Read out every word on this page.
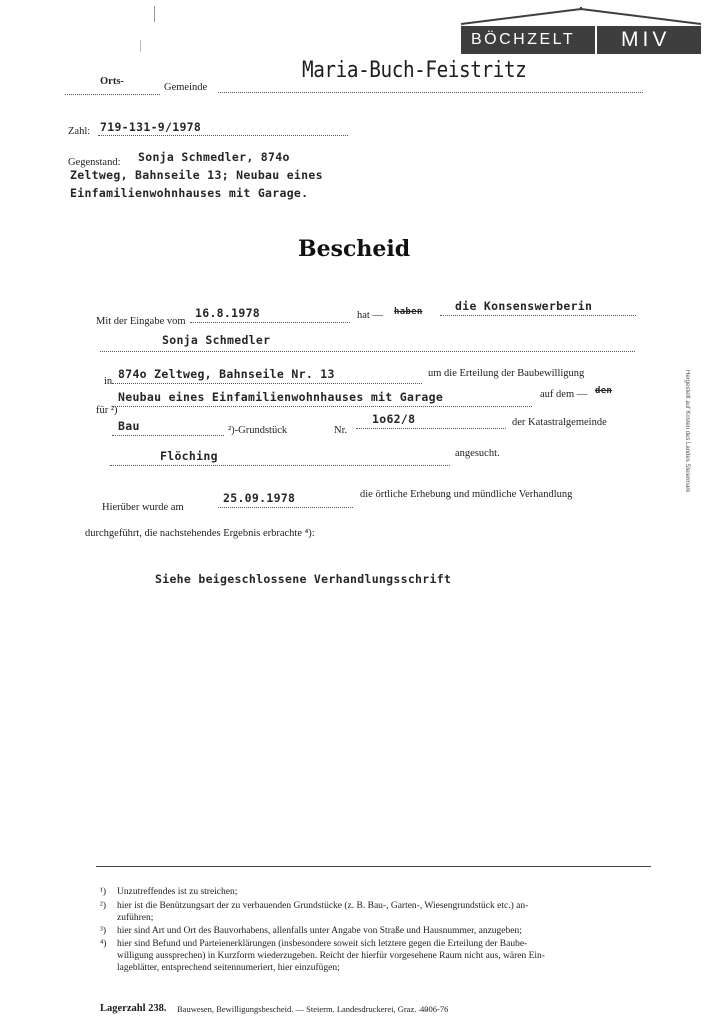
BÖCHZELT MIV
Hergestellt auf Kosten des Landes Steiermark
Orts-
Gemeinde
Maria-Buch-Feistritz
Zahl: 719-131-9/1978
Gegenstand: Sonja Schmedler, 874o
Zeltweg, Bahnseile 13; Neubau eines
Einfamilienwohnhauses mit Garage.
Bescheid
Mit der Eingabe vom
16.8.1978	hat — haben	die Konsenswerberin
Sonja Schmedler
in
874o Zeltweg, Bahnseile Nr. 13	um die Erteilung der Baubewilligung
für ²)
Neubau eines Einfamilienwohnhauses mit Garage	auf dem — den
Bau	²)-Grundstück	Nr.
1o62/8	der Katastralgemeinde
Flöching	angesucht.
Hierüber wurde am
25.09.1978	die örtliche Erhebung und mündliche Verhandlung
durchgeführt, die nachstehendes Ergebnis erbrachte ⁴):
Siehe beigeschlossene Verhandlungsschrift
¹) Unzutreffendes ist zu streichen;
²) hier ist die Benützungsart der zu verbauenden Grundstücke (z. B. Bau-, Garten-, Wiesengrundstück etc.) an-
zuführen;
³) hier sind Art und Ort des Bauvorhabens, allenfalls unter Angabe von Straße und Hausnummer, anzugeben;
⁴) hier sind Befund und Parteienerklärungen (insbesondere soweit sich letztere gegen die Erteilung der Baube-
willigung aussprechen) in Kurzform wiederzugeben. Reicht der hierfür vorgesehene Raum nicht aus, wären Ein-
lageblätter, entsprechend seitennumeriert, hier einzufügen;
Lagerzahl 238. Bauwesen, Bewilligungsbescheid. — Steierm. Landesdruckerei, Graz. —
4906-76
